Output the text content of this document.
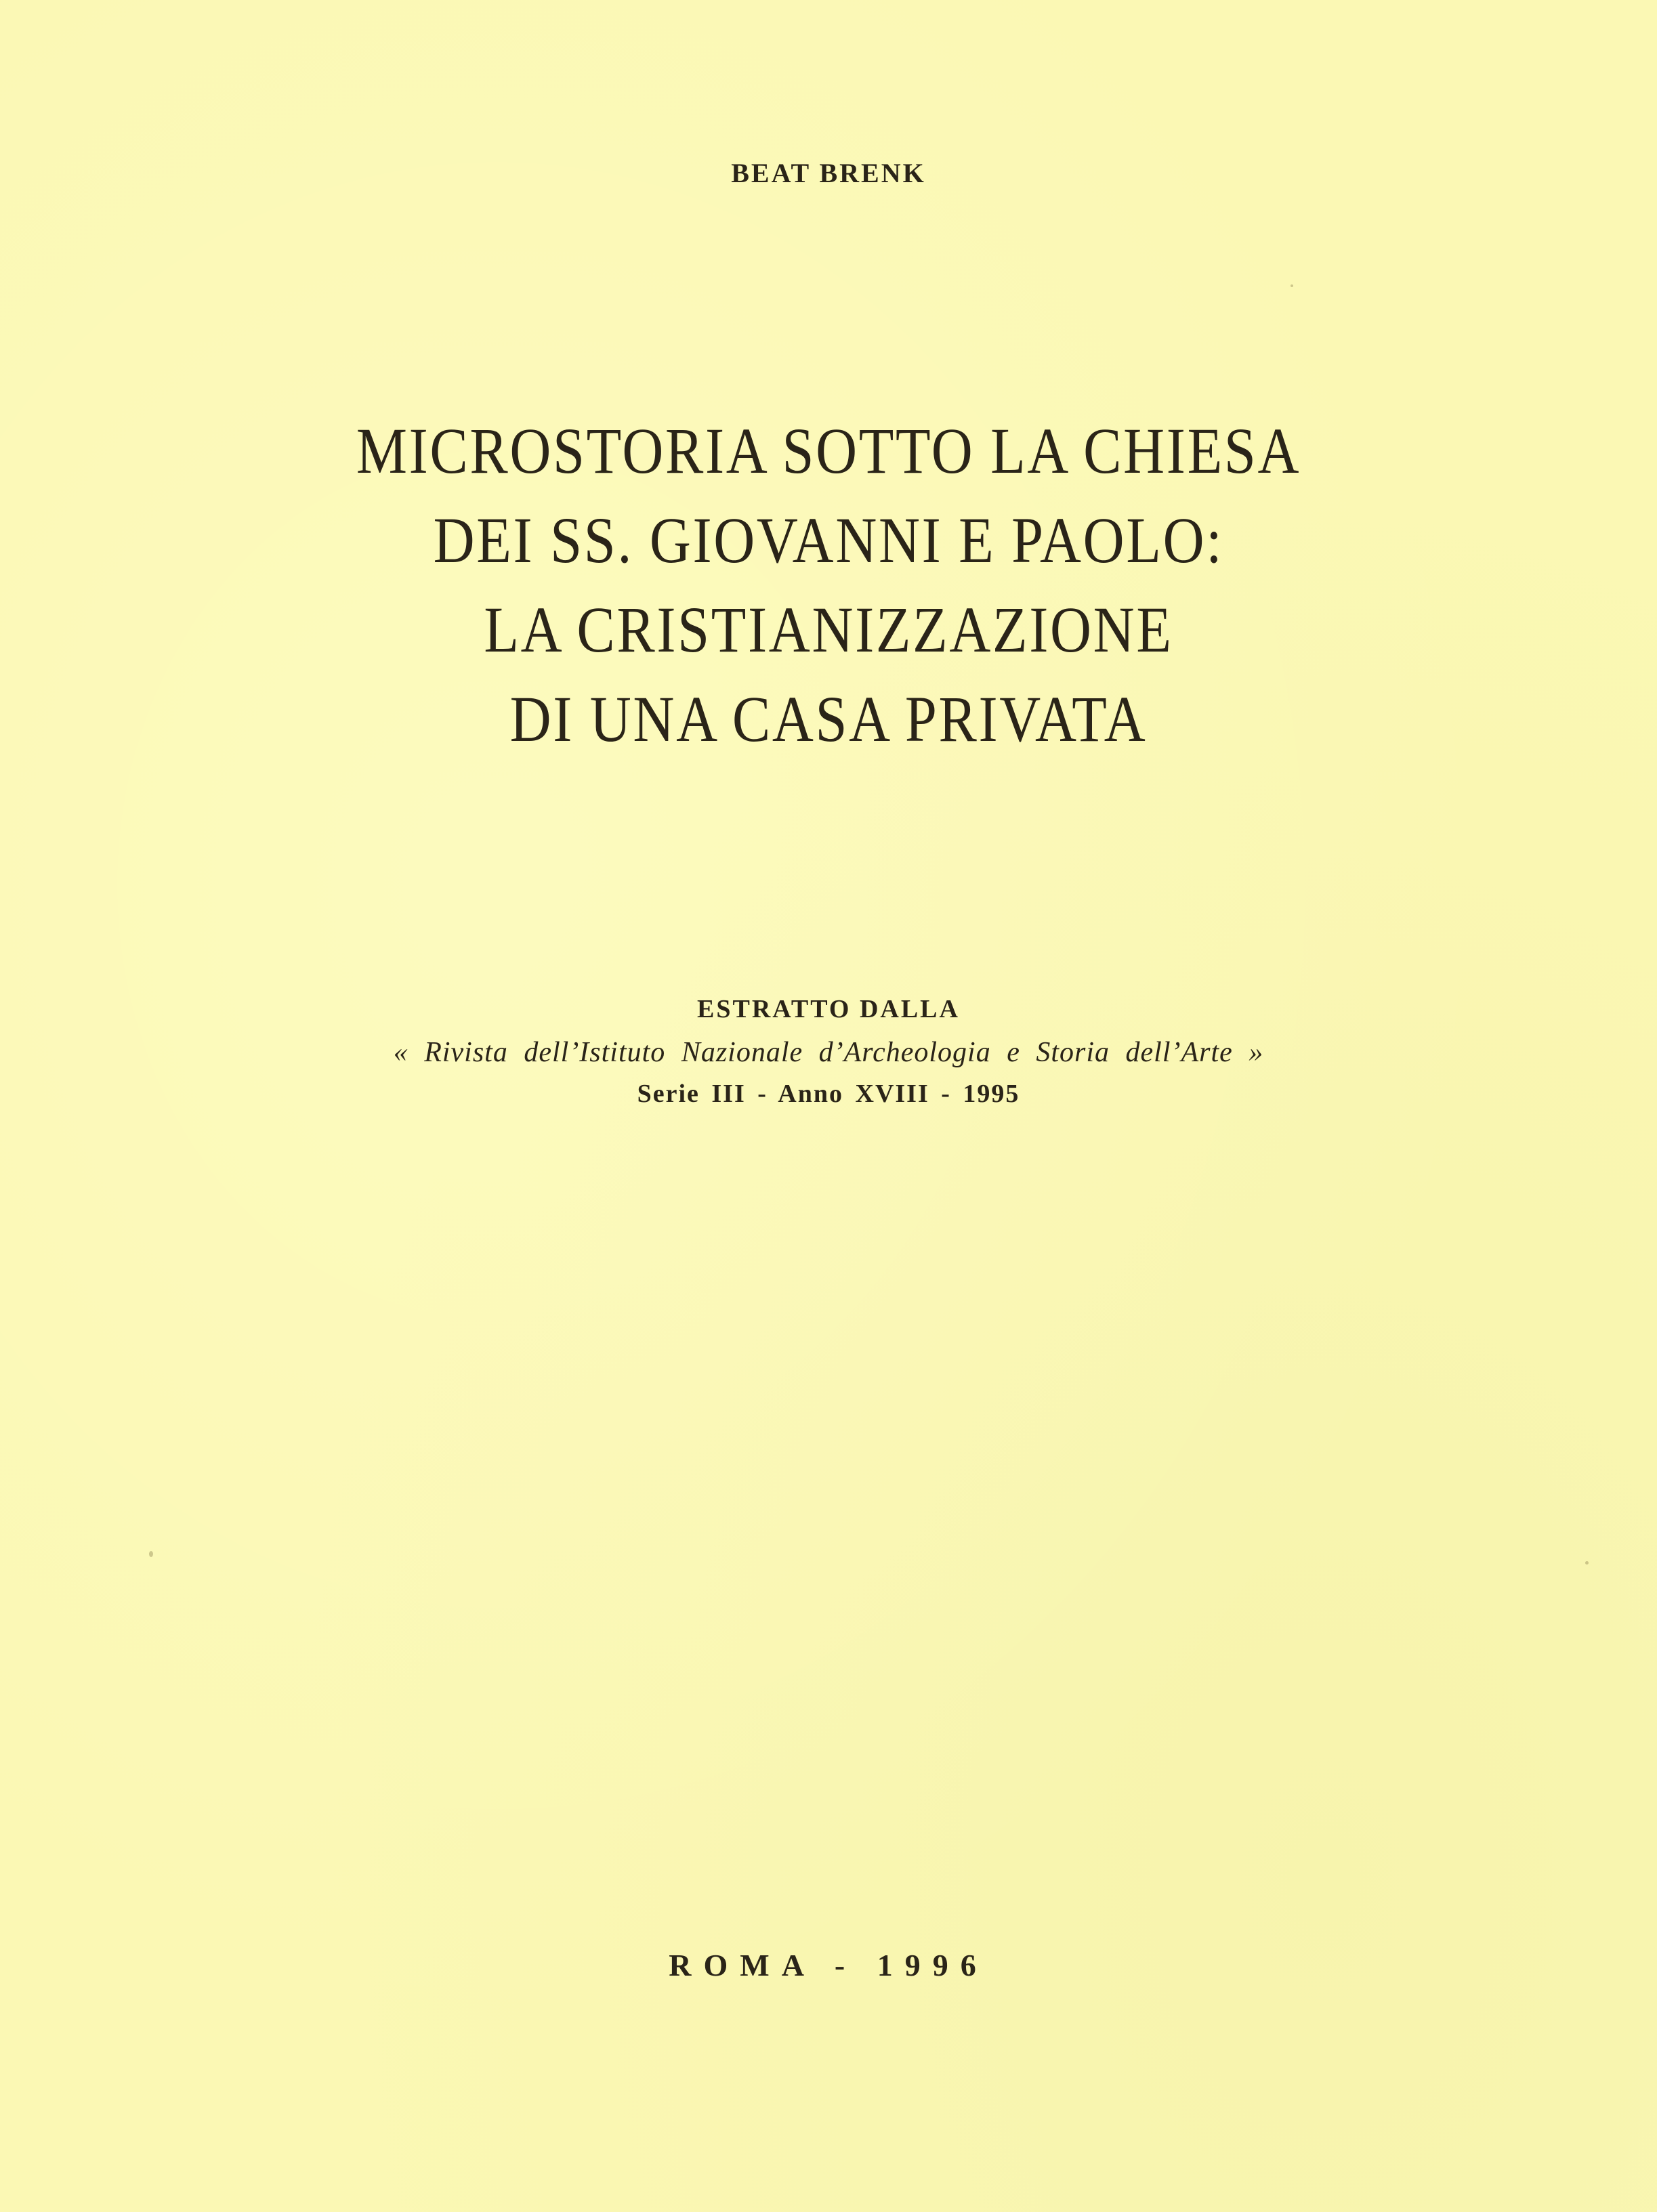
BEAT BRENK
MICROSTORIA SOTTO LA CHIESA
DEI SS. GIOVANNI E PAOLO:
LA CRISTIANIZZAZIONE
DI UNA CASA PRIVATA
ESTRATTO DALLA
« Rivista dell’Istituto Nazionale d’Archeologia e Storia dell’Arte »
Serie III - Anno XVIII - 1995
ROMA - 1996
